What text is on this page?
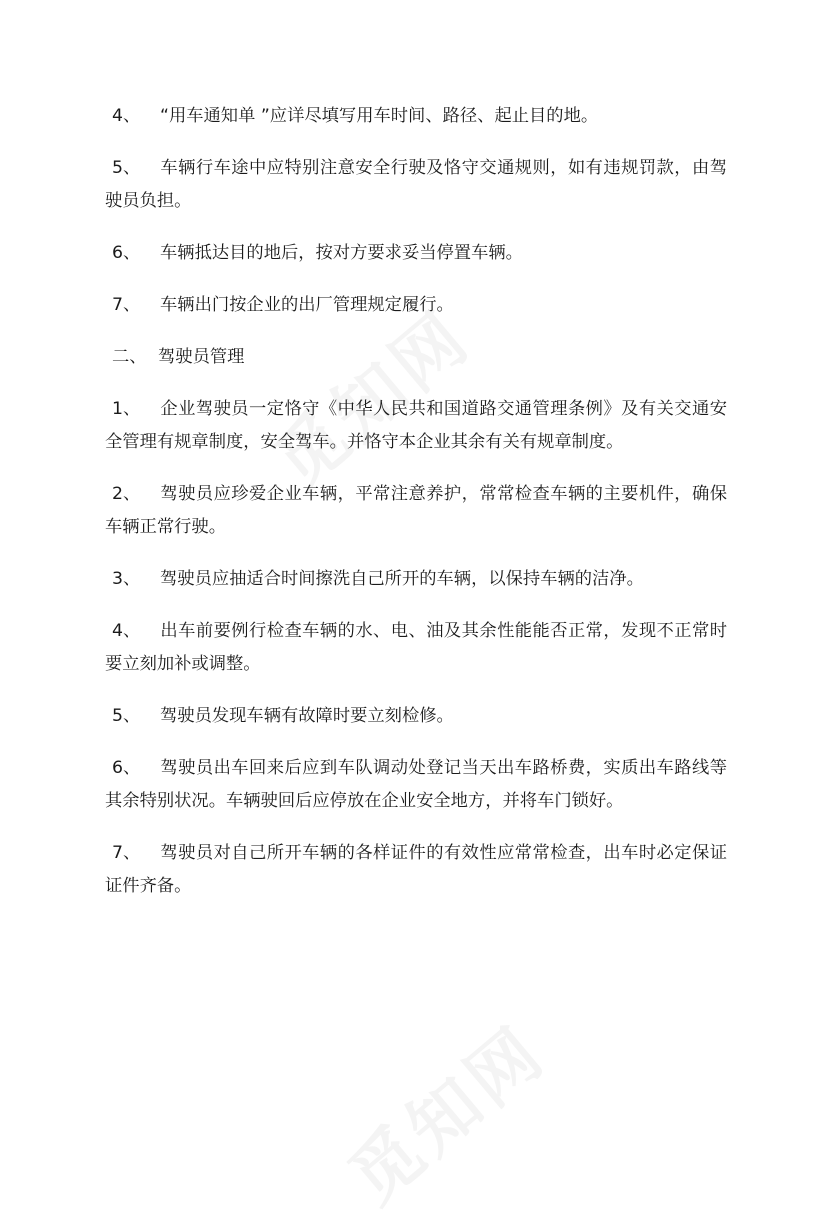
4、 “用车通知单 ”应详尽填写用车时间、路径、起止目的地。

5、 车辆行车途中应特别注意安全行驶及恪守交通规则，如有违规罚款，由驾驶员负担。

6、 车辆抵达目的地后，按对方要求妥当停置车辆。

7、 车辆出门按企业的出厂管理规定履行。

二、 驾驶员管理

1、 企业驾驶员一定恪守《中华人民共和国道路交通管理条例》及有关交通安全管理有规章制度，安全驾车。并恪守本企业其余有关有规章制度。

2、 驾驶员应珍爱企业车辆，平常注意养护，常常检查车辆的主要机件，确保车辆正常行驶。

3、 驾驶员应抽适合时间擦洗自己所开的车辆，以保持车辆的洁净。

4、 出车前要例行检查车辆的水、电、油及其余性能能否正常，发现不正常时要立刻加补或调整。

5、 驾驶员发现车辆有故障时要立刻检修。

6、 驾驶员出车回来后应到车队调动处登记当天出车路桥费，实质出车路线等其余特别状况。车辆驶回后应停放在企业安全地方，并将车门锁好。

7、 驾驶员对自己所开车辆的各样证件的有效性应常常检查，出车时必定保证证件齐备。
